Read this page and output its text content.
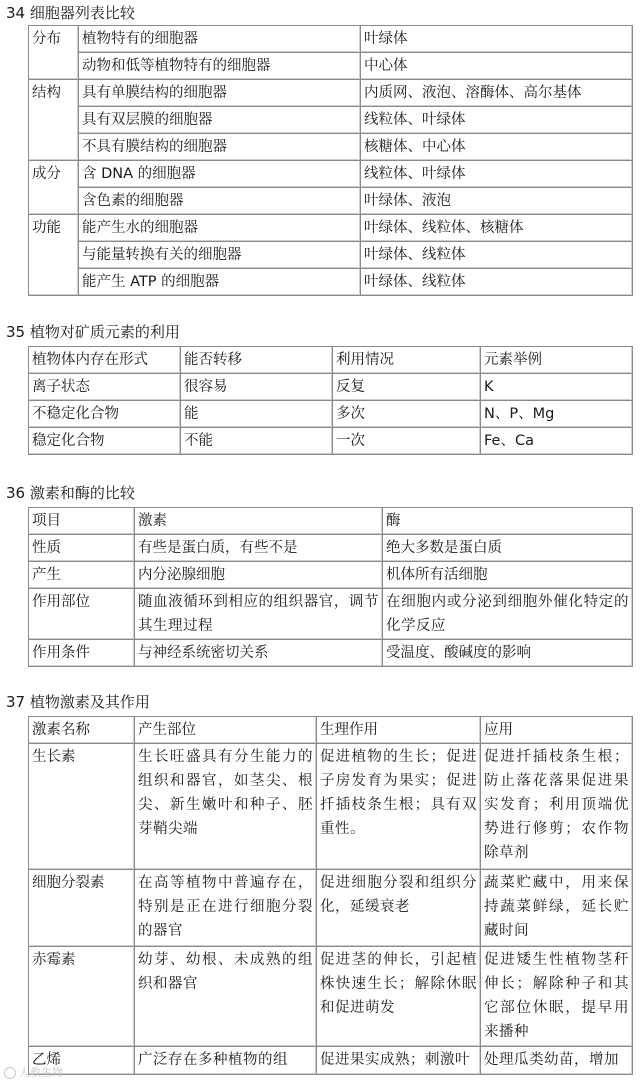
34 细胞器列表比较
分布	植物特有的细胞器	叶绿体
	动物和低等植物特有的细胞器	中心体
结构	具有单膜结构的细胞器	内质网、液泡、溶酶体、高尔基体
	具有双层膜的细胞器	线粒体、叶绿体
	不具有膜结构的细胞器	核糖体、中心体
成分	含 DNA 的细胞器	线粒体、叶绿体
	含色素的细胞器	叶绿体、液泡
功能	能产生水的细胞器	叶绿体、线粒体、核糖体
	与能量转换有关的细胞器	叶绿体、线粒体
	能产生 ATP 的细胞器	叶绿体、线粒体
35 植物对矿质元素的利用
植物体内存在形式	能否转移	利用情况	元素举例
离子状态	很容易	反复	K
不稳定化合物	能	多次	N、P、Mg
稳定化合物	不能	一次	Fe、Ca
36 激素和酶的比较
项目	激素	酶
性质	有些是蛋白质，有些不是	绝大多数是蛋白质
产生	内分泌腺细胞	机体所有活细胞
作用部位	随血液循环到相应的组织器官，调节其生理过程	在细胞内或分泌到细胞外催化特定的化学反应
作用条件	与神经系统密切关系	受温度、酸碱度的影响
37 植物激素及其作用
激素名称	产生部位	生理作用	应用
生长素	生长旺盛具有分生能力的组织和器官，如茎尖、根尖、新生嫩叶和种子、胚芽鞘尖端	促进植物的生长；促进子房发育为果实；促进扦插枝条生根；具有双重性。	促进扦插枝条生根；防止落花落果促进果实发育；利用顶端优势进行修剪；农作物除草剂
细胞分裂素	在高等植物中普遍存在，特别是正在进行细胞分裂的器官	促进细胞分裂和组织分化，延缓衰老	蔬菜贮藏中，用来保持蔬菜鲜绿，延长贮藏时间
赤霉素	幼芽、幼根、未成熟的组织和器官	促进茎的伸长，引起植株快速生长；解除休眠和促进萌发	促进矮生性植物茎秆伸长；解除种子和其它部位休眠，提早用来播种
乙烯	广泛存在多种植物的组	促进果实成熟；刺激叶	处理瓜类幼苗，增加
人教生物
